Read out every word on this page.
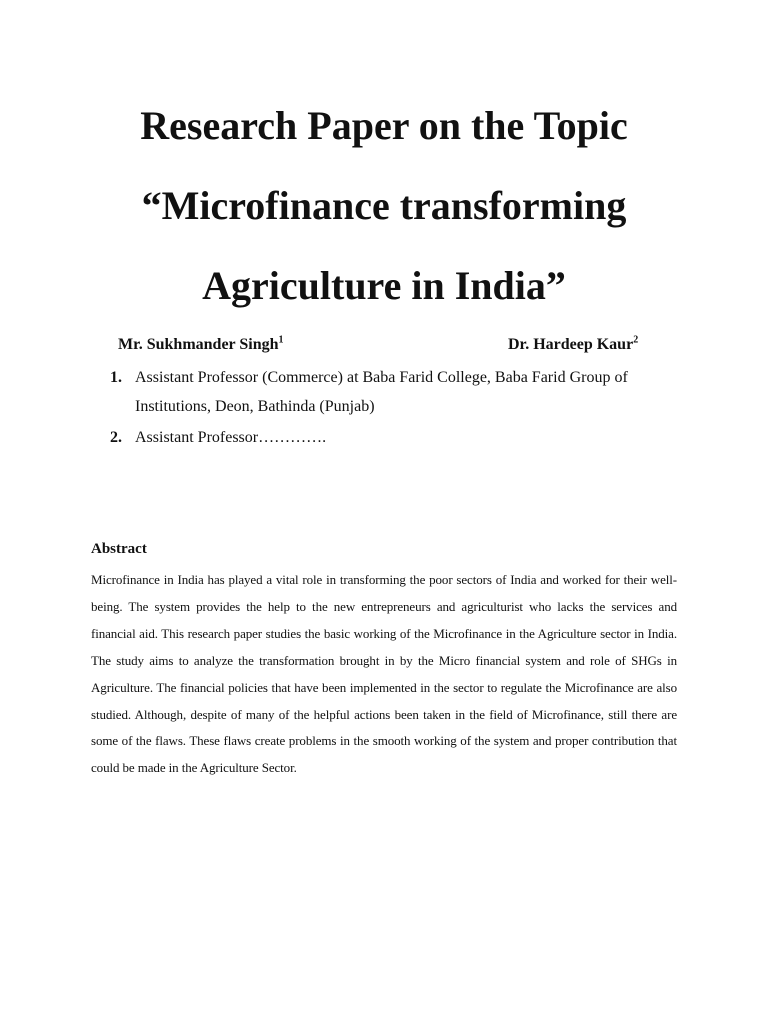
Research Paper on the Topic
“Microfinance transforming
Agriculture in India”
Mr. Sukhmander Singh$^1$	Dr. Hardeep Kaur$^2$
1. Assistant Professor (Commerce) at Baba Farid College, Baba Farid Group of Institutions, Deon, Bathinda (Punjab)
2. Assistant Professor………….
Abstract

Microfinance in India has played a vital role in transforming the poor sectors of India and worked for their well-being. The system provides the help to the new entrepreneurs and agriculturist who lacks the services and financial aid. This research paper studies the basic working of the Microfinance in the Agriculture sector in India. The study aims to analyze the transformation brought in by the Micro financial system and role of SHGs in Agriculture. The financial policies that have been implemented in the sector to regulate the Microfinance are also studied. Although, despite of many of the helpful actions been taken in the field of Microfinance, still there are some of the flaws. These flaws create problems in the smooth working of the system and proper contribution that could be made in the Agriculture Sector.
